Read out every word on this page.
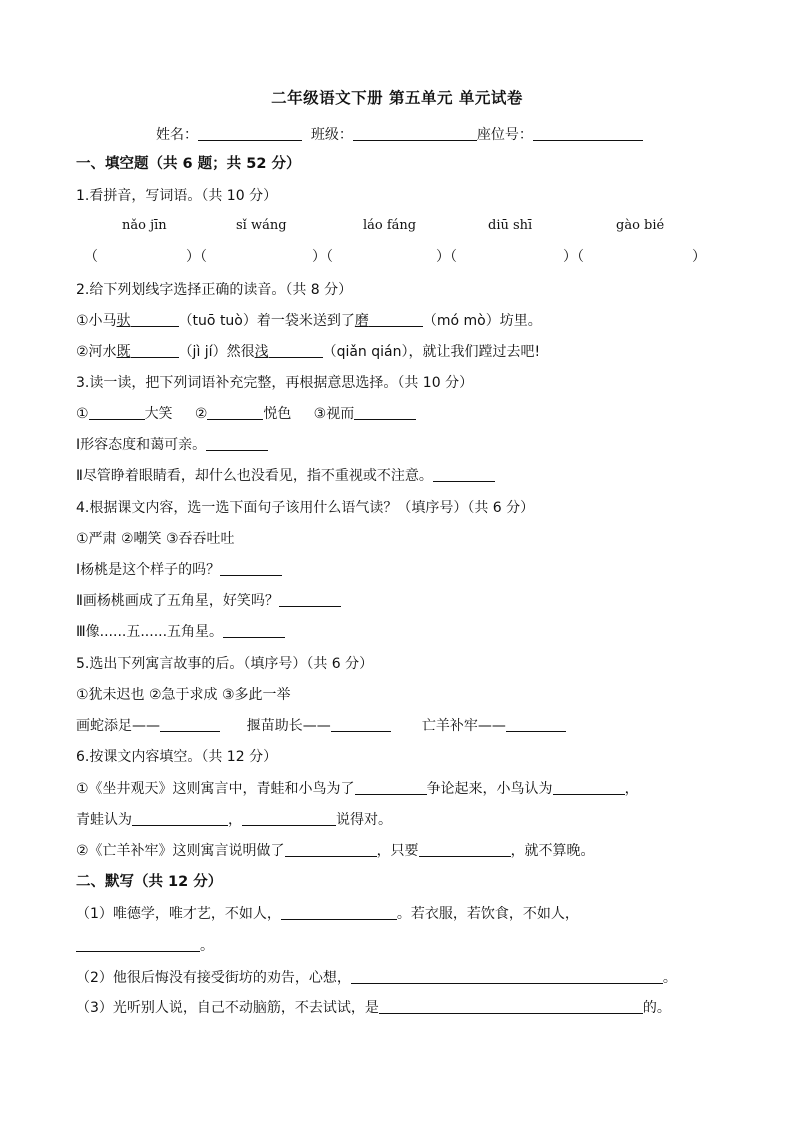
二年级语文下册 第五单元 单元试卷
姓名：	班级：	座位号：
一、填空题（共 6 题；共 52 分）
1.看拼音，写词语。（共 10 分）
nǎo jīn	sǐ wáng	láo fáng	diū shī	gào bié
（	）（	）（	）（	）（	）
2.给下列划线字选择正确的读音。（共 8 分）
①小马驮	（tuō tuò）着一袋米送到了磨	（mó mò）坊里。
②河水既	（jì jí）然很浅	（qiǎn qián），就让我们蹚过去吧!
3.读一读，把下列词语补充完整，再根据意思选择。（共 10 分）
①	大笑 ②	悦色 ③视而
Ⅰ形容态度和蔼可亲。
Ⅱ尽管睁着眼睛看，却什么也没看见，指不重视或不注意。
4.根据课文内容，选一选下面句子该用什么语气读？（填序号）（共 6 分）
①严肃 ②嘲笑 ③吞吞吐吐
Ⅰ杨桃是这个样子的吗？
Ⅱ画杨桃画成了五角星，好笑吗？
Ⅲ像......五......五角星。
5.选出下列寓言故事的后。（填序号）（共 6 分）
①犹未迟也 ②急于求成 ③多此一举
画蛇添足——	揠苗助长——	亡羊补牢——
6.按课文内容填空。（共 12 分）
①《坐井观天》这则寓言中，青蛙和小鸟为了	争论起来，小鸟认为	，
青蛙认为	，	说得对。
②《亡羊补牢》这则寓言说明做了	，只要	，就不算晚。
二、默写（共 12 分）
（1）唯德学，唯才艺，不如人，	。若衣服，若饮食，不如人，
。
（2）他很后悔没有接受街坊的劝告，心想，	。
（3）光听别人说，自己不动脑筋，不去试试，是	的。
